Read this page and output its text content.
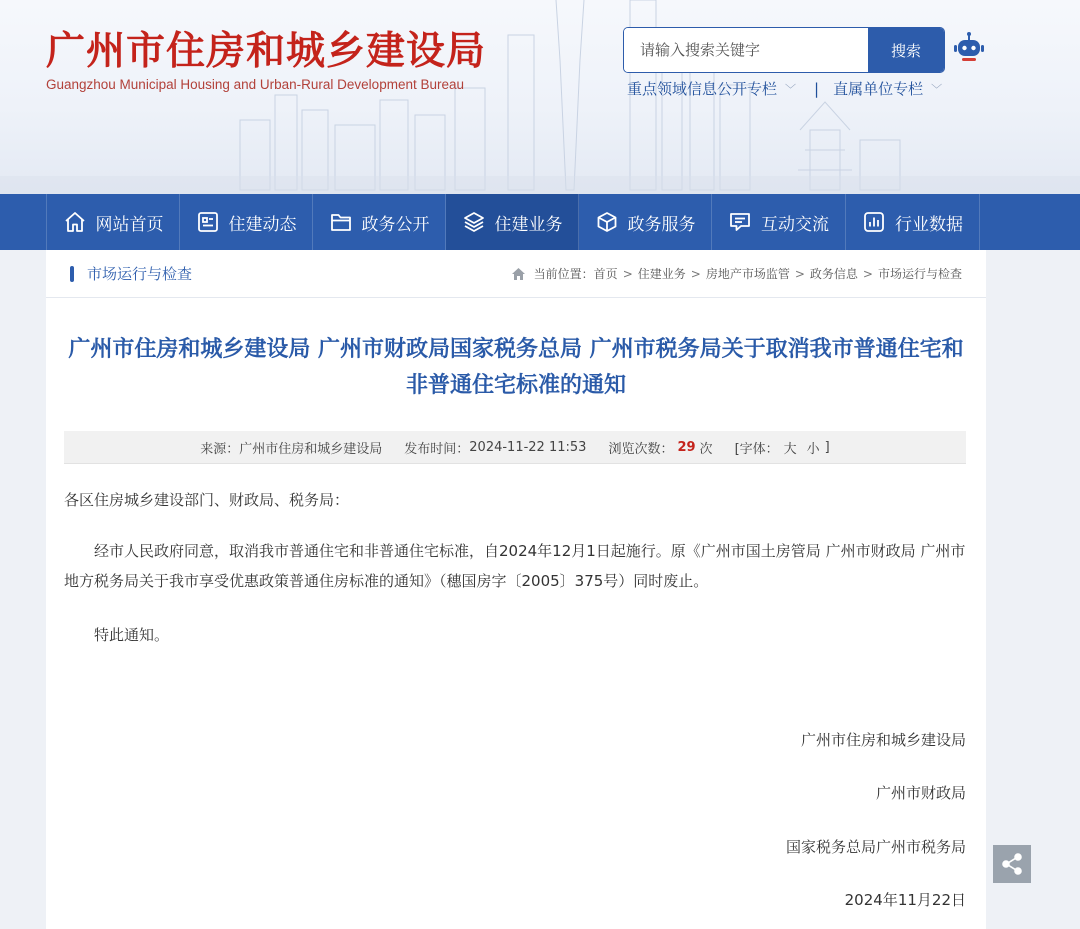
广州市住房和城乡建设局
Guangzhou Municipal Housing and Urban-Rural Development Bureau
请输入搜索关键字
搜索
重点领域信息公开专栏 ﹀ | 直属单位专栏 ﹀
网站首页	住建动态	政务公开	住建业务	政务服务	互动交流	行业数据
市场运行与检查	当前位置： 首页 > 住建业务 > 房地产市场监管 > 政务信息 > 市场运行与检查
广州市住房和城乡建设局 广州市财政局国家税务总局 广州市税务局关于取消我市普通住宅和非普通住宅标准的通知
来源： 广州市住房和城乡建设局 发布时间： 2024-11-22 11:53 浏览次数： 29 次 [字体： 大 小 ]
各区住房城乡建设部门、财政局、税务局：
经市人民政府同意，取消我市普通住宅和非普通住宅标准，自2024年12月1日起施行。原《广州市国土房管局 广州市财政局 广州市地方税务局关于我市享受优惠政策普通住房标准的通知》（穗国房字〔2005〕375号）同时废止。
特此通知。
广州市住房和城乡建设局
广州市财政局
国家税务总局广州市税务局
2024年11月22日
